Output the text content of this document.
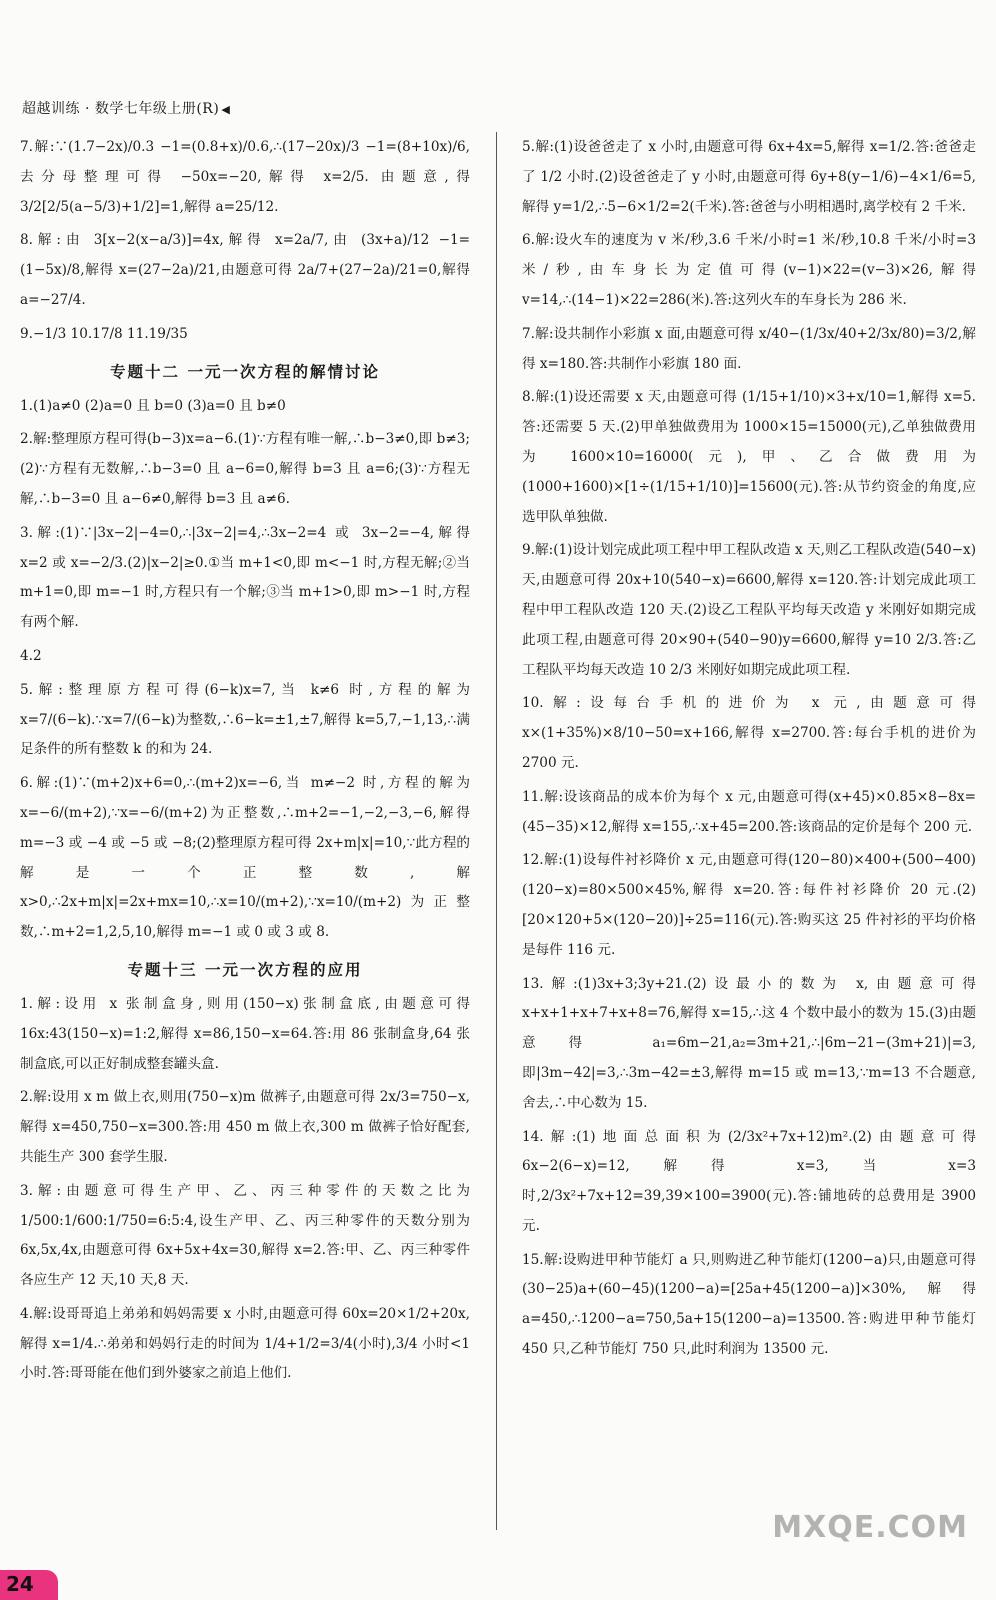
超越训练 · 数学七年级上册(R) ◀

7.解:∵(1.7−2x)/0.3 −1=(0.8+x)/0.6,∴(17−20x)/3 −1=(8+10x)/6,去分母整理可得 −50x=−20,解得 x=2/5. 由题意,得 3/2[2/5(a−5/3)+1/2]=1,解得 a=25/12.

8.解:由 3[x−2(x−a/3)]=4x,解得 x=2a/7,由 (3x+a)/12 −1=(1−5x)/8,解得 x=(27−2a)/21,由题意可得 2a/7+(27−2a)/21=0,解得 a=−27/4.

9.−1/3 10.17/8 11.19/35

专题十二 一元一次方程的解情讨论

1.(1)a≠0 (2)a=0 且 b=0 (3)a=0 且 b≠0

2.解:整理原方程可得(b−3)x=a−6.(1)∵方程有唯一解,∴b−3≠0,即 b≠3;(2)∵方程有无数解,∴b−3=0 且 a−6=0,解得 b=3 且 a=6;(3)∵方程无解,∴b−3=0 且 a−6≠0,解得 b=3 且 a≠6.

3.解:(1)∵|3x−2|−4=0,∴|3x−2|=4,∴3x−2=4 或 3x−2=−4,解得 x=2 或 x=−2/3.(2)|x−2|≥0.①当 m+1<0,即 m<−1 时,方程无解;②当 m+1=0,即 m=−1 时,方程只有一个解;③当 m+1>0,即 m>−1 时,方程有两个解.

4.2

5.解:整理原方程可得(6−k)x=7,当 k≠6 时,方程的解为 x=7/(6−k).∵x=7/(6−k)为整数,∴6−k=±1,±7,解得 k=5,7,−1,13,∴满足条件的所有整数 k 的和为 24.

6.解:(1)∵(m+2)x+6=0,∴(m+2)x=−6,当 m≠−2 时,方程的解为 x=−6/(m+2),∵x=−6/(m+2)为正整数,∴m+2=−1,−2,−3,−6,解得 m=−3 或 −4 或 −5 或 −8;(2)整理原方程可得 2x+m|x|=10,∵此方程的解是一个正整数,解 x>0,∴2x+m|x|=2x+mx=10,∴x=10/(m+2),∵x=10/(m+2)为正整数,∴m+2=1,2,5,10,解得 m=−1 或 0 或 3 或 8.

专题十三 一元一次方程的应用

1.解:设用 x 张制盒身,则用(150−x)张制盒底,由题意可得 16x:43(150−x)=1:2,解得 x=86,150−x=64.答:用 86 张制盒身,64 张制盒底,可以正好制成整套罐头盒.

2.解:设用 x m 做上衣,则用(750−x)m 做裤子,由题意可得 2x/3=750−x,解得 x=450,750−x=300.答:用 450 m 做上衣,300 m 做裤子恰好配套,共能生产 300 套学生服.

3.解:由题意可得生产甲、乙、丙三种零件的天数之比为 1/500:1/600:1/750=6:5:4,设生产甲、乙、丙三种零件的天数分别为 6x,5x,4x,由题意可得 6x+5x+4x=30,解得 x=2.答:甲、乙、丙三种零件各应生产 12 天,10 天,8 天.

4.解:设哥哥追上弟弟和妈妈需要 x 小时,由题意可得 60x=20×1/2+20x,解得 x=1/4.∴弟弟和妈妈行走的时间为 1/4+1/2=3/4(小时),3/4 小时<1 小时.答:哥哥能在他们到外婆家之前追上他们.

5.解:(1)设爸爸走了 x 小时,由题意可得 6x+4x=5,解得 x=1/2.答:爸爸走了 1/2 小时.(2)设爸爸走了 y 小时,由题意可得 6y+8(y−1/6)−4×1/6=5,解得 y=1/2,∴5−6×1/2=2(千米).答:爸爸与小明相遇时,离学校有 2 千米.

6.解:设火车的速度为 v 米/秒,3.6 千米/小时=1 米/秒,10.8 千米/小时=3 米/秒,由车身长为定值可得(v−1)×22=(v−3)×26,解得 v=14,∴(14−1)×22=286(米).答:这列火车的车身长为 286 米.

7.解:设共制作小彩旗 x 面,由题意可得 x/40−(1/3x/40+2/3x/80)=3/2,解得 x=180.答:共制作小彩旗 180 面.

8.解:(1)设还需要 x 天,由题意可得 (1/15+1/10)×3+x/10=1,解得 x=5.答:还需要 5 天.(2)甲单独做费用为 1000×15=15000(元),乙单独做费用为 1600×10=16000(元),甲、乙合做费用为(1000+1600)×[1÷(1/15+1/10)]=15600(元).答:从节约资金的角度,应选甲队单独做.

9.解:(1)设计划完成此项工程中甲工程队改造 x 天,则乙工程队改造(540−x)天,由题意可得 20x+10(540−x)=6600,解得 x=120.答:计划完成此项工程中甲工程队改造 120 天.(2)设乙工程队平均每天改造 y 米刚好如期完成此项工程,由题意可得 20×90+(540−90)y=6600,解得 y=10 2/3.答:乙工程队平均每天改造 10 2/3 米刚好如期完成此项工程.

10.解:设每台手机的进价为 x 元,由题意可得 x×(1+35%)×8/10−50=x+166,解得 x=2700.答:每台手机的进价为 2700 元.

11.解:设该商品的成本价为每个 x 元,由题意可得(x+45)×0.85×8−8x=(45−35)×12,解得 x=155,∴x+45=200.答:该商品的定价是每个 200 元.

12.解:(1)设每件衬衫降价 x 元,由题意可得(120−80)×400+(500−400)(120−x)=80×500×45%,解得 x=20.答:每件衬衫降价 20 元.(2)[20×120+5×(120−20)]÷25=116(元).答:购买这 25 件衬衫的平均价格是每件 116 元.

13.解:(1)3x+3;3y+21.(2)设最小的数为 x,由题意可得 x+x+1+x+7+x+8=76,解得 x=15,∴这 4 个数中最小的数为 15.(3)由题意得 a₁=6m−21,a₂=3m+21,∴|6m−21−(3m+21)|=3,即|3m−42|=3,∴3m−42=±3,解得 m=15 或 m=13,∵m=13 不合题意,舍去,∴中心数为 15.

14.解:(1)地面总面积为(2/3x²+7x+12)m².(2)由题意可得 6x−2(6−x)=12,解得 x=3,当 x=3 时,2/3x²+7x+12=39,39×100=3900(元).答:铺地砖的总费用是 3900 元.

15.解:设购进甲种节能灯 a 只,则购进乙种节能灯(1200−a)只,由题意可得(30−25)a+(60−45)(1200−a)=[25a+45(1200−a)]×30%,解得 a=450,∴1200−a=750,5a+15(1200−a)=13500.答:购进甲种节能灯 450 只,乙种节能灯 750 只,此时利润为 13500 元.

MXQE.COM
24
